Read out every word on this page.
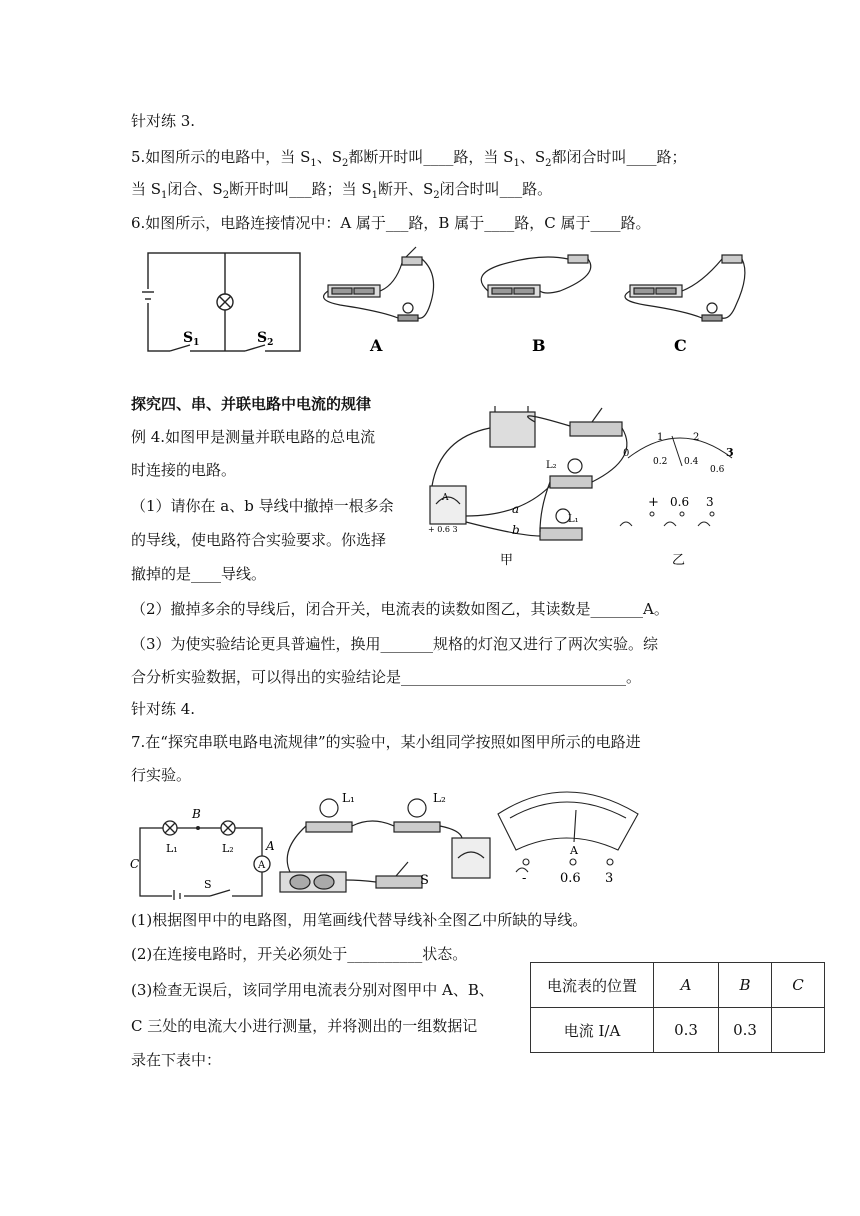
针对练 3.
5.如图所示的电路中，当 $S_1$、$S_2$都断开时叫____路，当 $S_1$、$S_2$都闭合时叫____路；
当 $S_1$闭合、$S_2$断开时叫___路；当 $S_1$断开、$S_2$闭合时叫___路。
6.如图所示，电路连接情况中：A 属于___路，B 属于____路，C 属于____路。
$S_1$	$S_2$	A	B	C
探究四、串、并联电路中电流的规律
例 4.如图甲是测量并联电路的总电流
时连接的电路。
（1）请你在 a、b 导线中撤掉一根多余
的导线，使电路符合实验要求。你选择
撤掉的是____导线。
（2）撤掉多余的导线后，闭合开关，电流表的读数如图乙，其读数是_______A。
（3）为使实验结论更具普遍性，换用_______规格的灯泡又进行了两次实验。综
合分析实验数据，可以得出的实验结论是______________________________。
L₂
L₁
a
b
A
+ 0.6 3
甲
0
1	2
3
0.2 0.4
0.6
+ 0.6 3
乙
针对练 4.
7.在“探究串联电路电流规律”的实验中，某小组同学按照如图甲所示的电路进
行实验。
B
C
A
A
L₁	L₂
S
L₁	L₂
S
A
-	0.6 3
(1)根据图甲中的电路图，用笔画线代替导线补全图乙中所缺的导线。
(2)在连接电路时，开关必须处于__________状态。
(3)检查无误后，该同学用电流表分别对图甲中 A、B、
C 三处的电流大小进行测量，并将测出的一组数据记
录在下表中：
电流表的位置	A	B	C
电流 I/A	0.3	0.3	
